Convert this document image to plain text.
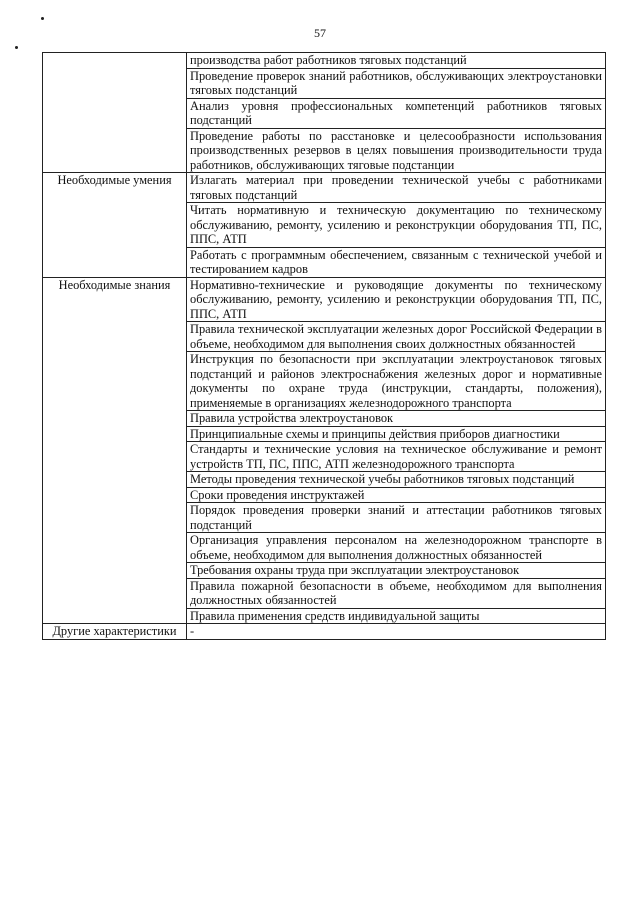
57
	производства работ работников тяговых подстанций
	Проведение проверок знаний работников, обслуживающих электроустановки тяговых подстанций
	Анализ уровня профессиональных компетенций работников тяговых подстанций
	Проведение работы по расстановке и целесообразности использования производственных резервов в целях повышения производительности труда работников, обслуживающих тяговые подстанции
Необходимые умения	Излагать материал при проведении технической учебы с работниками тяговых подстанций
	Читать нормативную и техническую документацию по техническому обслуживанию, ремонту, усилению и реконструкции оборудования ТП, ПС, ППС, АТП
	Работать с программным обеспечением, связанным с технической учебой и тестированием кадров
Необходимые знания	Нормативно-технические и руководящие документы по техническому обслуживанию, ремонту, усилению и реконструкции оборудования ТП, ПС, ППС, АТП
	Правила технической эксплуатации железных дорог Российской Федерации в объеме, необходимом для выполнения своих должностных обязанностей
	Инструкция по безопасности при эксплуатации электроустановок тяговых подстанций и районов электроснабжения железных дорог и нормативные документы по охране труда (инструкции, стандарты, положения), применяемые в организациях железнодорожного транспорта
	Правила устройства электроустановок
	Принципиальные схемы и принципы действия приборов диагностики
	Стандарты и технические условия на техническое обслуживание и ремонт устройств ТП, ПС, ППС, АТП железнодорожного транспорта
	Методы проведения технической учебы работников тяговых подстанций
	Сроки проведения инструктажей
	Порядок проведения проверки знаний и аттестации работников тяговых подстанций
	Организация управления персоналом на железнодорожном транспорте в объеме, необходимом для выполнения должностных обязанностей
	Требования охраны труда при эксплуатации электроустановок
	Правила пожарной безопасности в объеме, необходимом для выполнения должностных обязанностей
	Правила применения средств индивидуальной защиты
Другие характеристики	-
